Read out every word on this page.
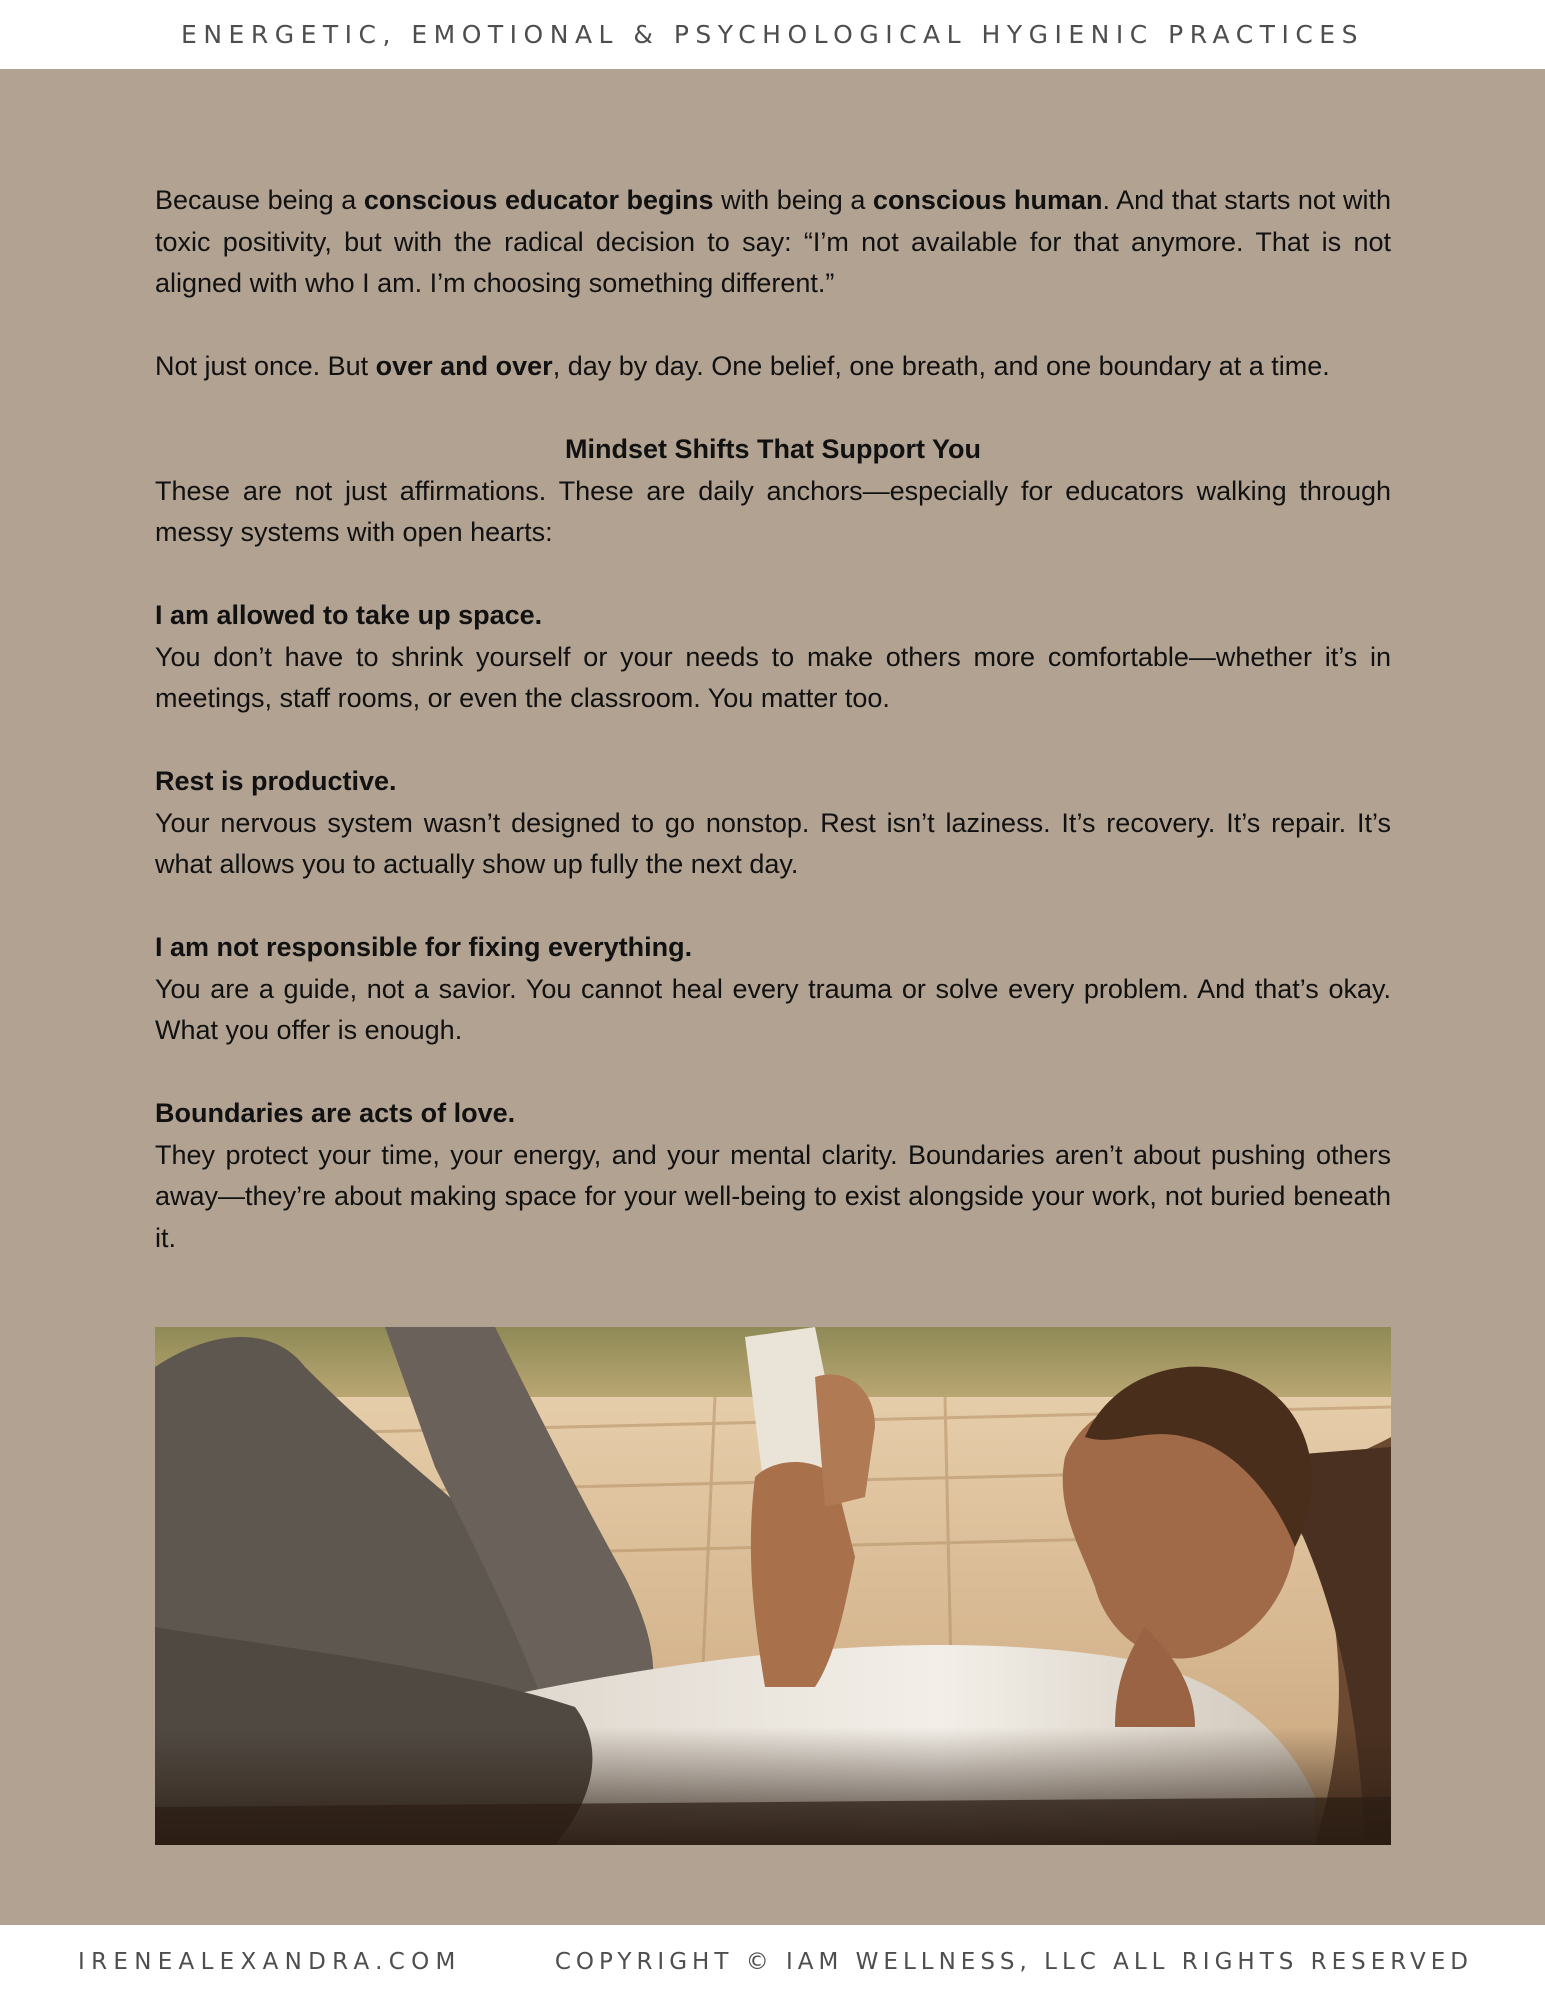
ENERGETIC, EMOTIONAL & PSYCHOLOGICAL HYGIENIC PRACTICES

Because being a conscious educator begins with being a conscious human. And that starts not with toxic positivity, but with the radical decision to say: “I’m not available for that anymore. That is not aligned with who I am. I’m choosing something different.”

Not just once. But over and over, day by day. One belief, one breath, and one boundary at a time.

Mindset Shifts That Support You

These are not just affirmations. These are daily anchors—especially for educators walking through messy systems with open hearts:

I am allowed to take up space.

You don’t have to shrink yourself or your needs to make others more comfortable—whether it’s in meetings, staff rooms, or even the classroom. You matter too.

Rest is productive.

Your nervous system wasn’t designed to go nonstop. Rest isn’t laziness. It’s recovery. It’s repair. It’s what allows you to actually show up fully the next day.

I am not responsible for fixing everything.

You are a guide, not a savior. You cannot heal every trauma or solve every problem. And that’s okay. What you offer is enough.

Boundaries are acts of love.

They protect your time, your energy, and your mental clarity. Boundaries aren’t about pushing others away—they’re about making space for your well-being to exist alongside your work, not buried beneath it.

IRENEALEXANDRA.COM	COPYRIGHT © IAM WELLNESS, LLC ALL RIGHTS RESERVED
